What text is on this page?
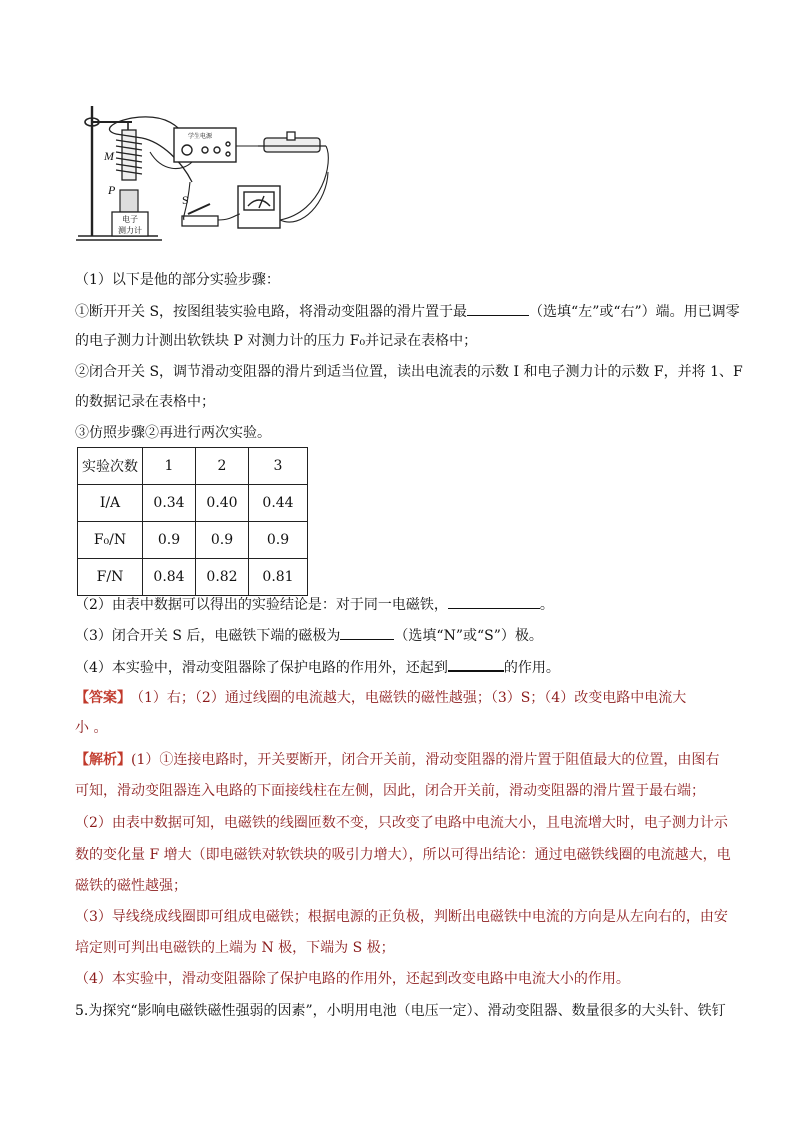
M
P
电子
测力计
学生电源
S
（1）以下是他的部分实验步骤：
①断开开关 S，按图组装实验电路，将滑动变阻器的滑片置于最	（选填“左”或“右”）端。用已调零
的电子测力计测出软铁块 P 对测力计的压力 F₀并记录在表格中；
②闭合开关 S，调节滑动变阻器的滑片到适当位置，读出电流表的示数 I 和电子测力计的示数 F，并将 1、F
的数据记录在表格中；
③仿照步骤②再进行两次实验。
实验次数	1	2	3
I/A	0.34	0.40	0.44
F₀/N	0.9	0.9	0.9
F/N	0.84	0.82	0.81
（2）由表中数据可以得出的实验结论是：对于同一电磁铁，	。
（3）闭合开关 S 后，电磁铁下端的磁极为	（选填“N”或“S”）极。
（4）本实验中，滑动变阻器除了保护电路的作用外，还起到	的作用。
【答案】 （1）右；（2）通过线圈的电流越大，电磁铁的磁性越强；（3）S；（4）改变电路中电流大
小 。
【解析】(1）①连接电路时，开关要断开，闭合开关前，滑动变阻器的滑片置于阻值最大的位置，由图右
可知，滑动变阻器连入电路的下面接线柱在左侧，因此，闭合开关前，滑动变阻器的滑片置于最右端；
（2）由表中数据可知，电磁铁的线圈匝数不变，只改变了电路中电流大小，且电流增大时，电子测力计示
数的变化量 F 增大（即电磁铁对软铁块的吸引力增大），所以可得出结论：通过电磁铁线圈的电流越大，电
磁铁的磁性越强；
（3）导线绕成线圈即可组成电磁铁；根据电源的正负极，判断出电磁铁中电流的方向是从左向右的，由安
培定则可判出电磁铁的上端为 N 极，下端为 S 极；
（4）本实验中，滑动变阻器除了保护电路的作用外，还起到改变电路中电流大小的作用。
5.为探究“影响电磁铁磁性强弱的因素”，小明用电池（电压一定）、滑动变阻器、数量很多的大头针、铁钉
